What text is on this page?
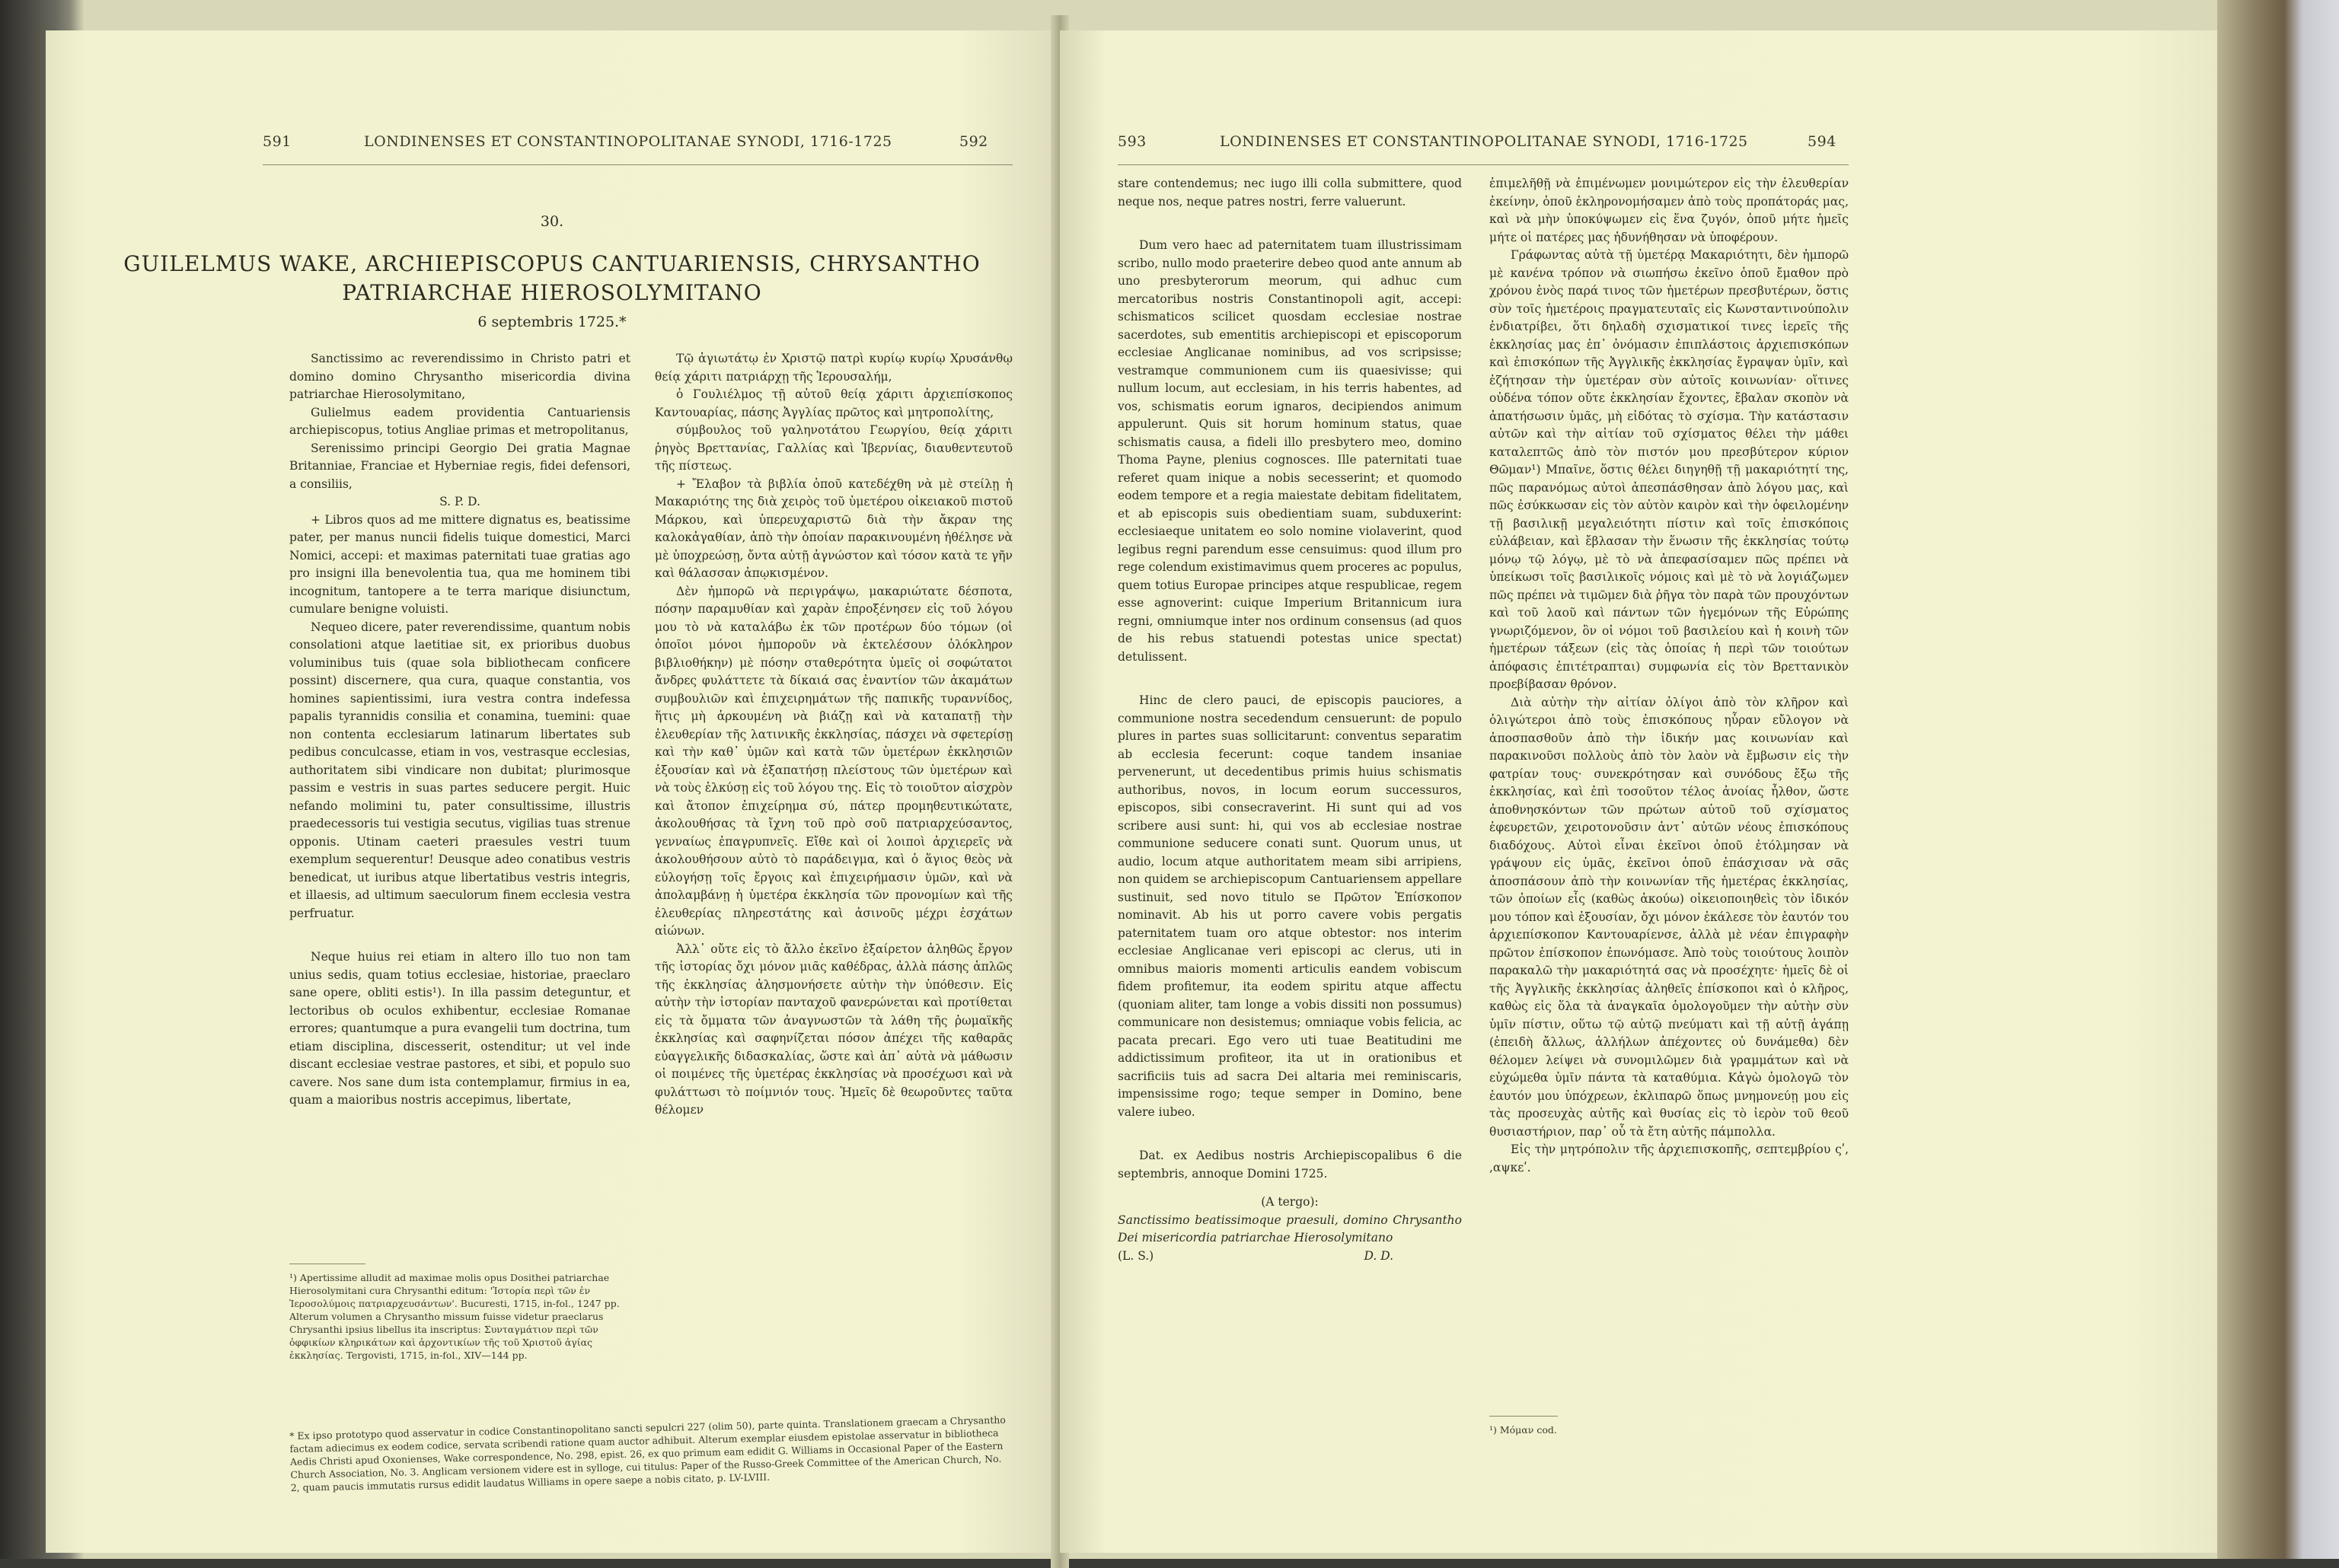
591	LONDINENSES ET CONSTANTINOPOLITANAE SYNODI, 1716-1725	592
30.
GUILELMUS WAKE, ARCHIEPISCOPUS CANTUARIENSIS, CHRYSANTHO
PATRIARCHAE HIEROSOLYMITANO
6 septembris 1725.*

Sanctissimo ac reverendissimo in Christo patri et domino domino Chrysantho misericordia divina patriarchae Hierosolymitano,

Gulielmus eadem providentia Cantuariensis archiepiscopus, totius Angliae primas et metropolitanus,

Serenissimo principi Georgio Dei gratia Magnae Britanniae, Franciae et Hyberniae regis, fidei defensori, a consiliis,

S. P. D.

+ Libros quos ad me mittere dignatus es, beatissime pater, per manus nuncii fidelis tuique domestici, Marci Nomici, accepi: et maximas paternitati tuae gratias ago pro insigni illa benevolentia tua, qua me hominem tibi incognitum, tantopere a te terra marique disiunctum, cumulare benigne voluisti.

Nequeo dicere, pater reverendissime, quantum nobis consolationi atque laetitiae sit, ex prioribus duobus voluminibus tuis (quae sola bibliothecam conficere possint) discernere, qua cura, quaque constantia, vos homines sapientissimi, iura vestra contra indefessa papalis tyrannidis consilia et conamina, tuemini: quae non contenta ecclesiarum latinarum libertates sub pedibus conculcasse, etiam in vos, vestrasque ecclesias, authoritatem sibi vindicare non dubitat; plurimosque passim e vestris in suas partes seducere pergit. Huic nefando molimini tu, pater consultissime, illustris praedecessoris tui vestigia secutus, vigilias tuas strenue opponis. Utinam caeteri praesules vestri tuum exemplum sequerentur! Deusque adeo conatibus vestris benedicat, ut iuribus atque libertatibus vestris integris, et illaesis, ad ultimum saeculorum finem ecclesia vestra perfruatur.

Neque huius rei etiam in altero illo tuo non tam unius sedis, quam totius ecclesiae, historiae, praeclaro sane opere, obliti estis¹). In illa passim deteguntur, et lectoribus ob oculos exhibentur, ecclesiae Romanae errores; quantumque a pura evangelii tum doctrina, tum etiam disciplina, discesserit, ostenditur; ut vel inde discant ecclesiae vestrae pastores, et sibi, et populo suo cavere. Nos sane dum ista contemplamur, firmius in ea, quam a maioribus nostris accepimus, libertate,

Τῷ ἁγιωτάτῳ ἐν Χριστῷ πατρὶ κυρίῳ κυρίῳ Χρυσάνθῳ θείᾳ χάριτι πατριάρχῃ τῆς Ἱερουσαλήμ,

ὁ Γουλιέλμος τῇ αὐτοῦ θείᾳ χάριτι ἀρχιεπίσκοπος Καντουαρίας, πάσης Ἀγγλίας πρῶτος καὶ μητροπολίτης,

σύμβουλος τοῦ γαληνοτάτου Γεωργίου, θείᾳ χάριτι ῥηγὸς Βρεττανίας, Γαλλίας καὶ Ἰβερνίας, διαυθεντευτοῦ τῆς πίστεως.

+ Ἔλαβον τὰ βιβλία ὁποῦ κατεδέχθη νὰ μὲ στείλῃ ἡ Μακαριότης της διὰ χειρὸς τοῦ ὑμετέρου οἰκειακοῦ πιστοῦ Μάρκου, καὶ ὑπερευχαριστῶ διὰ τὴν ἄκραν της καλοκἀγαθίαν, ἀπὸ τὴν ὁποίαν παρακινουμένη ἠθέλησε νὰ μὲ ὑποχρεώσῃ, ὄντα αὐτῇ ἀγνώστον καὶ τόσον κατὰ τε γῆν καὶ θάλασσαν ἀπῳκισμένον.

Δὲν ἠμπορῶ νὰ περιγράψω, μακαριώτατε δέσποτα, πόσην παραμυθίαν καὶ χαρὰν ἐπροξένησεν εἰς τοῦ λόγου μου τὸ νὰ καταλάβω ἐκ τῶν προτέρων δύο τόμων (οἱ ὁποῖοι μόνοι ἠμποροῦν νὰ ἐκτελέσουν ὁλόκληρον βιβλιοθήκην) μὲ πόσην σταθερότητα ὑμεῖς οἱ σοφώτατοι ἄνδρες φυλάττετε τὰ δίκαιά σας ἐναντίον τῶν ἀκαμάτων συμβουλιῶν καὶ ἐπιχειρημάτων τῆς παπικῆς τυραννίδος, ἥτις μὴ ἀρκουμένη νὰ βιάζῃ καὶ νὰ καταπατῇ τὴν ἐλευθερίαν τῆς λατινικῆς ἐκκλησίας, πάσχει νὰ σφετερίσῃ καὶ τὴν καθ᾽ ὑμῶν καὶ κατὰ τῶν ὑμετέρων ἐκκλησιῶν ἐξουσίαν καὶ νὰ ἐξαπατήσῃ πλείστους τῶν ὑμετέρων καὶ νὰ τοὺς ἑλκύσῃ εἰς τοῦ λόγου της. Εἰς τὸ τοιοῦτον αἰσχρὸν καὶ ἄτοπον ἐπιχείρημα σύ, πάτερ προμηθευτικώτατε, ἀκολουθήσας τὰ ἴχνη τοῦ πρὸ σοῦ πατριαρχεύσαντος, γενναίως ἐπαγρυπνεῖς. Εἴθε καὶ οἱ λοιποὶ ἀρχιερεῖς νὰ ἀκολουθήσουν αὐτὸ τὸ παράδειγμα, καὶ ὁ ἅγιος θεὸς νὰ εὐλογήσῃ τοῖς ἔργοις καὶ ἐπιχειρήμασιν ὑμῶν, καὶ νὰ ἀπολαμβάνῃ ἡ ὑμετέρα ἐκκλησία τῶν προνομίων καὶ τῆς ἐλευθερίας πληρεστάτης καὶ ἀσινοῦς μέχρι ἐσχάτων αἰώνων.

Ἀλλ᾽ οὔτε εἰς τὸ ἄλλο ἐκεῖνο ἐξαίρετον ἀληθῶς ἔργον τῆς ἱστορίας ὄχι μόνον μιᾶς καθέδρας, ἀλλὰ πάσης ἁπλῶς τῆς ἐκκλησίας ἀλησμονήσετε αὐτὴν τὴν ὑπόθεσιν. Εἰς αὐτὴν τὴν ἱστορίαν πανταχοῦ φανερώνεται καὶ προτίθεται εἰς τὰ ὄμματα τῶν ἀναγνωστῶν τὰ λάθη τῆς ῥωμαϊκῆς ἐκκλησίας καὶ σαφηνίζεται πόσον ἀπέχει τῆς καθαρᾶς εὐαγγελικῆς διδασκαλίας, ὥστε καὶ ἀπ᾽ αὐτὰ νὰ μάθωσιν οἱ ποιμένες τῆς ὑμετέρας ἐκκλησίας νὰ προσέχωσι καὶ νὰ φυλάττωσι τὸ ποίμνιόν τους. Ἡμεῖς δὲ θεωροῦντες ταῦτα θέλομεν

¹) Apertissime alludit ad maximae molis opus Dosithei patriarchae Hierosolymitani cura Chrysanthi editum: 'Ἱστορία περὶ τῶν ἐν Ἱεροσολύμοις πατριαρχευσάντων'. Bucuresti, 1715, in-fol., 1247 pp. Alterum volumen a Chrysantho missum fuisse videtur praeclarus Chrysanthi ipsius libellus ita inscriptus: Συνταγμάτιον περὶ τῶν ὀφφικίων κληρικάτων καὶ ἀρχοντικίων τῆς τοῦ Χριστοῦ ἁγίας ἐκκλησίας. Tergovisti, 1715, in-fol., XIV—144 pp.
* Ex ipso prototypo quod asservatur in codice Constantinopolitano sancti sepulcri 227 (olim 50), parte quinta. Translationem graecam a Chrysantho factam adiecimus ex eodem codice, servata scribendi ratione quam auctor adhibuit. Alterum exemplar eiusdem epistolae asservatur in bibliotheca Aedis Christi apud Oxonienses, Wake correspondence, No. 298, epist. 26, ex quo primum eam edidit G. Williams in Occasional Paper of the Eastern Church Association, No. 3. Anglicam versionem videre est in sylloge, cui titulus: Paper of the Russo-Greek Committee of the American Church, No. 2, quam paucis immutatis rursus edidit laudatus Williams in opere saepe a nobis citato, p. LV-LVIII.
593	LONDINENSES ET CONSTANTINOPOLITANAE SYNODI, 1716-1725	594

stare contendemus; nec iugo illi colla submittere, quod neque nos, neque patres nostri, ferre valuerunt.

Dum vero haec ad paternitatem tuam illustrissimam scribo, nullo modo praeterire debeo quod ante annum ab uno presbyterorum meorum, qui adhuc cum mercatoribus nostris Constantinopoli agit, accepi: schismaticos scilicet quosdam ecclesiae nostrae sacerdotes, sub ementitis archiepiscopi et episcoporum ecclesiae Anglicanae nominibus, ad vos scripsisse; vestramque communionem cum iis quaesivisse; qui nullum locum, aut ecclesiam, in his terris habentes, ad vos, schismatis eorum ignaros, decipiendos animum appulerunt. Quis sit horum hominum status, quae schismatis causa, a fideli illo presbytero meo, domino Thoma Payne, plenius cognosces. Ille paternitati tuae referet quam inique a nobis secesserint; et quomodo eodem tempore et a regia maiestate debitam fidelitatem, et ab episcopis suis obedientiam suam, subduxerint: ecclesiaeque unitatem eo solo nomine violaverint, quod legibus regni parendum esse censuimus: quod illum pro rege colendum existimavimus quem proceres ac populus, quem totius Europae principes atque respublicae, regem esse agnoverint: cuique Imperium Britannicum iura regni, omniumque inter nos ordinum consensus (ad quos de his rebus statuendi potestas unice spectat) detulissent.

Hinc de clero pauci, de episcopis pauciores, a communione nostra secedendum censuerunt: de populo plures in partes suas sollicitarunt: conventus separatim ab ecclesia fecerunt: coque tandem insaniae pervenerunt, ut decedentibus primis huius schismatis authoribus, novos, in locum eorum successuros, episcopos, sibi consecraverint. Hi sunt qui ad vos scribere ausi sunt: hi, qui vos ab ecclesiae nostrae communione seducere conati sunt. Quorum unus, ut audio, locum atque authoritatem meam sibi arripiens, non quidem se archiepiscopum Cantuariensem appellare sustinuit, sed novo titulo se Πρῶτον Ἐπίσκοπον nominavit. Ab his ut porro cavere vobis pergatis paternitatem tuam oro atque obtestor: nos interim ecclesiae Anglicanae veri episcopi ac clerus, uti in omnibus maioris momenti articulis eandem vobiscum fidem profitemur, ita eodem spiritu atque affectu (quoniam aliter, tam longe a vobis dissiti non possumus) communicare non desistemus; omniaque vobis felicia, ac pacata precari. Ego vero uti tuae Beatitudini me addictissimum profiteor, ita ut in orationibus et sacrificiis tuis ad sacra Dei altaria mei reminiscaris, impensissime rogo; teque semper in Domino, bene valere iubeo.

Dat. ex Aedibus nostris Archiepiscopalibus 6 die septembris, annoque Domini 1725.

(A tergo):

Sanctissimo beatissimoque praesuli, domino Chrysantho Dei misericordia patriarchae Hierosolymitano

(L. S.)	D. D.

ἐπιμελῆθῇ νὰ ἐπιμένωμεν μονιμώτερον εἰς τὴν ἐλευθερίαν ἐκείνην, ὁποῦ ἐκληρονομήσαμεν ἀπὸ τοὺς προπάτοράς μας, καὶ νὰ μὴν ὑποκύψωμεν εἰς ἕνα ζυγόν, ὁποῦ μήτε ἡμεῖς μήτε οἱ πατέρες μας ἠδυνήθησαν νὰ ὑποφέρουν.

Γράφωντας αὐτὰ τῇ ὑμετέρᾳ Μακαριότητι, δὲν ἠμπορῶ μὲ κανένα τρόπον νὰ σιωπήσω ἐκεῖνο ὁποῦ ἔμαθον πρὸ χρόνου ἑνὸς παρά τινος τῶν ἡμετέρων πρεσβυτέρων, ὅστις σὺν τοῖς ἡμετέροις πραγματευταῖς εἰς Κωνσταντινούπολιν ἐνδιατρίβει, ὅτι δηλαδὴ σχισματικοί τινες ἱερεῖς τῆς ἐκκλησίας μας ἐπ᾽ ὀνόμασιν ἐπιπλάστοις ἀρχιεπισκόπων καὶ ἐπισκόπων τῆς Ἀγγλικῆς ἐκκλησίας ἔγραψαν ὑμῖν, καὶ ἐζήτησαν τὴν ὑμετέραν σὺν αὐτοῖς κοινωνίαν· οἵτινες οὐδένα τόπον οὔτε ἐκκλησίαν ἔχοντες, ἔβαλαν σκοπὸν νὰ ἀπατήσωσιν ὑμᾶς, μὴ εἰδότας τὸ σχίσμα. Τὴν κατάστασιν αὐτῶν καὶ τὴν αἰτίαν τοῦ σχίσματος θέλει τὴν μάθει καταλεπτῶς ἀπὸ τὸν πιστόν μου πρεσβύτερον κύριον Θῶμαν¹) Μπαῖνε, ὅστις θέλει διηγηθῇ τῇ μακαριότητί της, πῶς παρανόμως αὐτοὶ ἀπεσπάσθησαν ἀπὸ λόγου μας, καὶ πῶς ἐσύκκωσαν εἰς τὸν αὐτὸν καιρὸν καὶ τὴν ὀφειλομένην τῇ βασιλικῇ μεγαλειότητι πίστιν καὶ τοῖς ἐπισκόποις εὐλάβειαν, καὶ ἔβλασαν τὴν ἕνωσιν τῆς ἐκκλησίας τούτῳ μόνῳ τῷ λόγῳ, μὲ τὸ νὰ ἀπεφασίσαμεν πῶς πρέπει νὰ ὑπείκωσι τοῖς βασιλικοῖς νόμοις καὶ μὲ τὸ νὰ λογιάζωμεν πῶς πρέπει νὰ τιμῶμεν διὰ ῥῆγα τὸν παρὰ τῶν πρoυχόντων καὶ τοῦ λαοῦ καὶ πάντων τῶν ἡγεμόνων τῆς Εὐρώπης γνωριζόμενον, ὃν οἱ νόμοι τοῦ βασιλείου καὶ ἡ κοινὴ τῶν ἡμετέρων τάξεων (εἰς τὰς ὁποίας ἡ περὶ τῶν τοιούτων ἀπόφασις ἐπιτέτραπται) συμφωνία εἰς τὸν Βρεττανικὸν προεβίβασαν θρόνον.

Διὰ αὐτὴν τὴν αἰτίαν ὀλίγοι ἀπὸ τὸν κλῆρον καὶ ὀλιγώτεροι ἀπὸ τοὺς ἐπισκόπους ηὗραν εὔλογον νὰ ἀποσπασθοῦν ἀπὸ τὴν ἰδικήν μας κοινωνίαν καὶ παρακινοῦσι πολλοὺς ἀπὸ τὸν λαὸν νὰ ἔμβωσιν εἰς τὴν φατρίαν τους· συνεκρότησαν καὶ συνόδους ἔξω τῆς ἐκκλησίας, καὶ ἐπὶ τοσοῦτον τέλος ἀνοίας ἦλθον, ὥστε ἀποθνησκόντων τῶν πρώτων αὐτοῦ τοῦ σχίσματος ἐφευρετῶν, χειροτονοῦσιν ἀντ᾽ αὐτῶν νέους ἐπισκόπους διαδόχους. Αὐτοὶ εἶναι ἐκεῖνοι ὁποῦ ἐτόλμησαν νὰ γράψουν εἰς ὑμᾶς, ἐκεῖνοι ὁποῦ ἐπάσχισαν νὰ σᾶς ἀποσπάσουν ἀπὸ τὴν κοινωνίαν τῆς ἡμετέρας ἐκκλησίας, τῶν ὁποίων εἷς (καθὼς ἀκούω) οἰκειοποιηθεὶς τὸν ἰδικόν μου τόπον καὶ ἐξουσίαν, ὄχι μόνον ἐκάλεσε τὸν ἑαυτόν του ἀρχιεπίσκοπον Καντουαρίενσε, ἀλλὰ μὲ νέαν ἐπιγραφὴν πρῶτον ἐπίσκοπον ἐπωνόμασε. Ἀπὸ τοὺς τοιούτους λοιπὸν παρακαλῶ τὴν μακαριότητά σας νὰ προσέχητε· ἡμεῖς δὲ οἱ τῆς Ἀγγλικῆς ἐκκλησίας ἀληθεῖς ἐπίσκοποι καὶ ὁ κλῆρος, καθὼς εἰς ὅλα τὰ ἀναγκαῖα ὁμολογοῦμεν τὴν αὐτὴν σὺν ὑμῖν πίστιν, οὕτω τῷ αὐτῷ πνεύματι καὶ τῇ αὐτῇ ἀγάπῃ (ἐπειδὴ ἄλλως, ἀλλήλων ἀπέχοντες οὐ δυνάμεθα) δὲν θέλομεν λείψει νὰ συνομιλῶμεν διὰ γραμμάτων καὶ νὰ εὐχώμεθα ὑμῖν πάντα τὰ καταθύμια. Κἀγὼ ὁμολογῶ τὸν ἑαυτόν μου ὑπόχρεων, ἐκλιπαρῶ ὅπως μνημονεύῃ μου εἰς τὰς προσευχὰς αὐτῆς καὶ θυσίας εἰς τὸ ἱερὸν τοῦ θεοῦ θυσιαστήριον, παρ᾽ οὗ τὰ ἔτη αὐτῆς πάμπολλα.

Εἰς τὴν μητρόπολιν τῆς ἀρχιεπισκοπῆς, σεπτεμβρίου ςʹ, ,αψκεʹ.

¹) Μόμαν cod.
